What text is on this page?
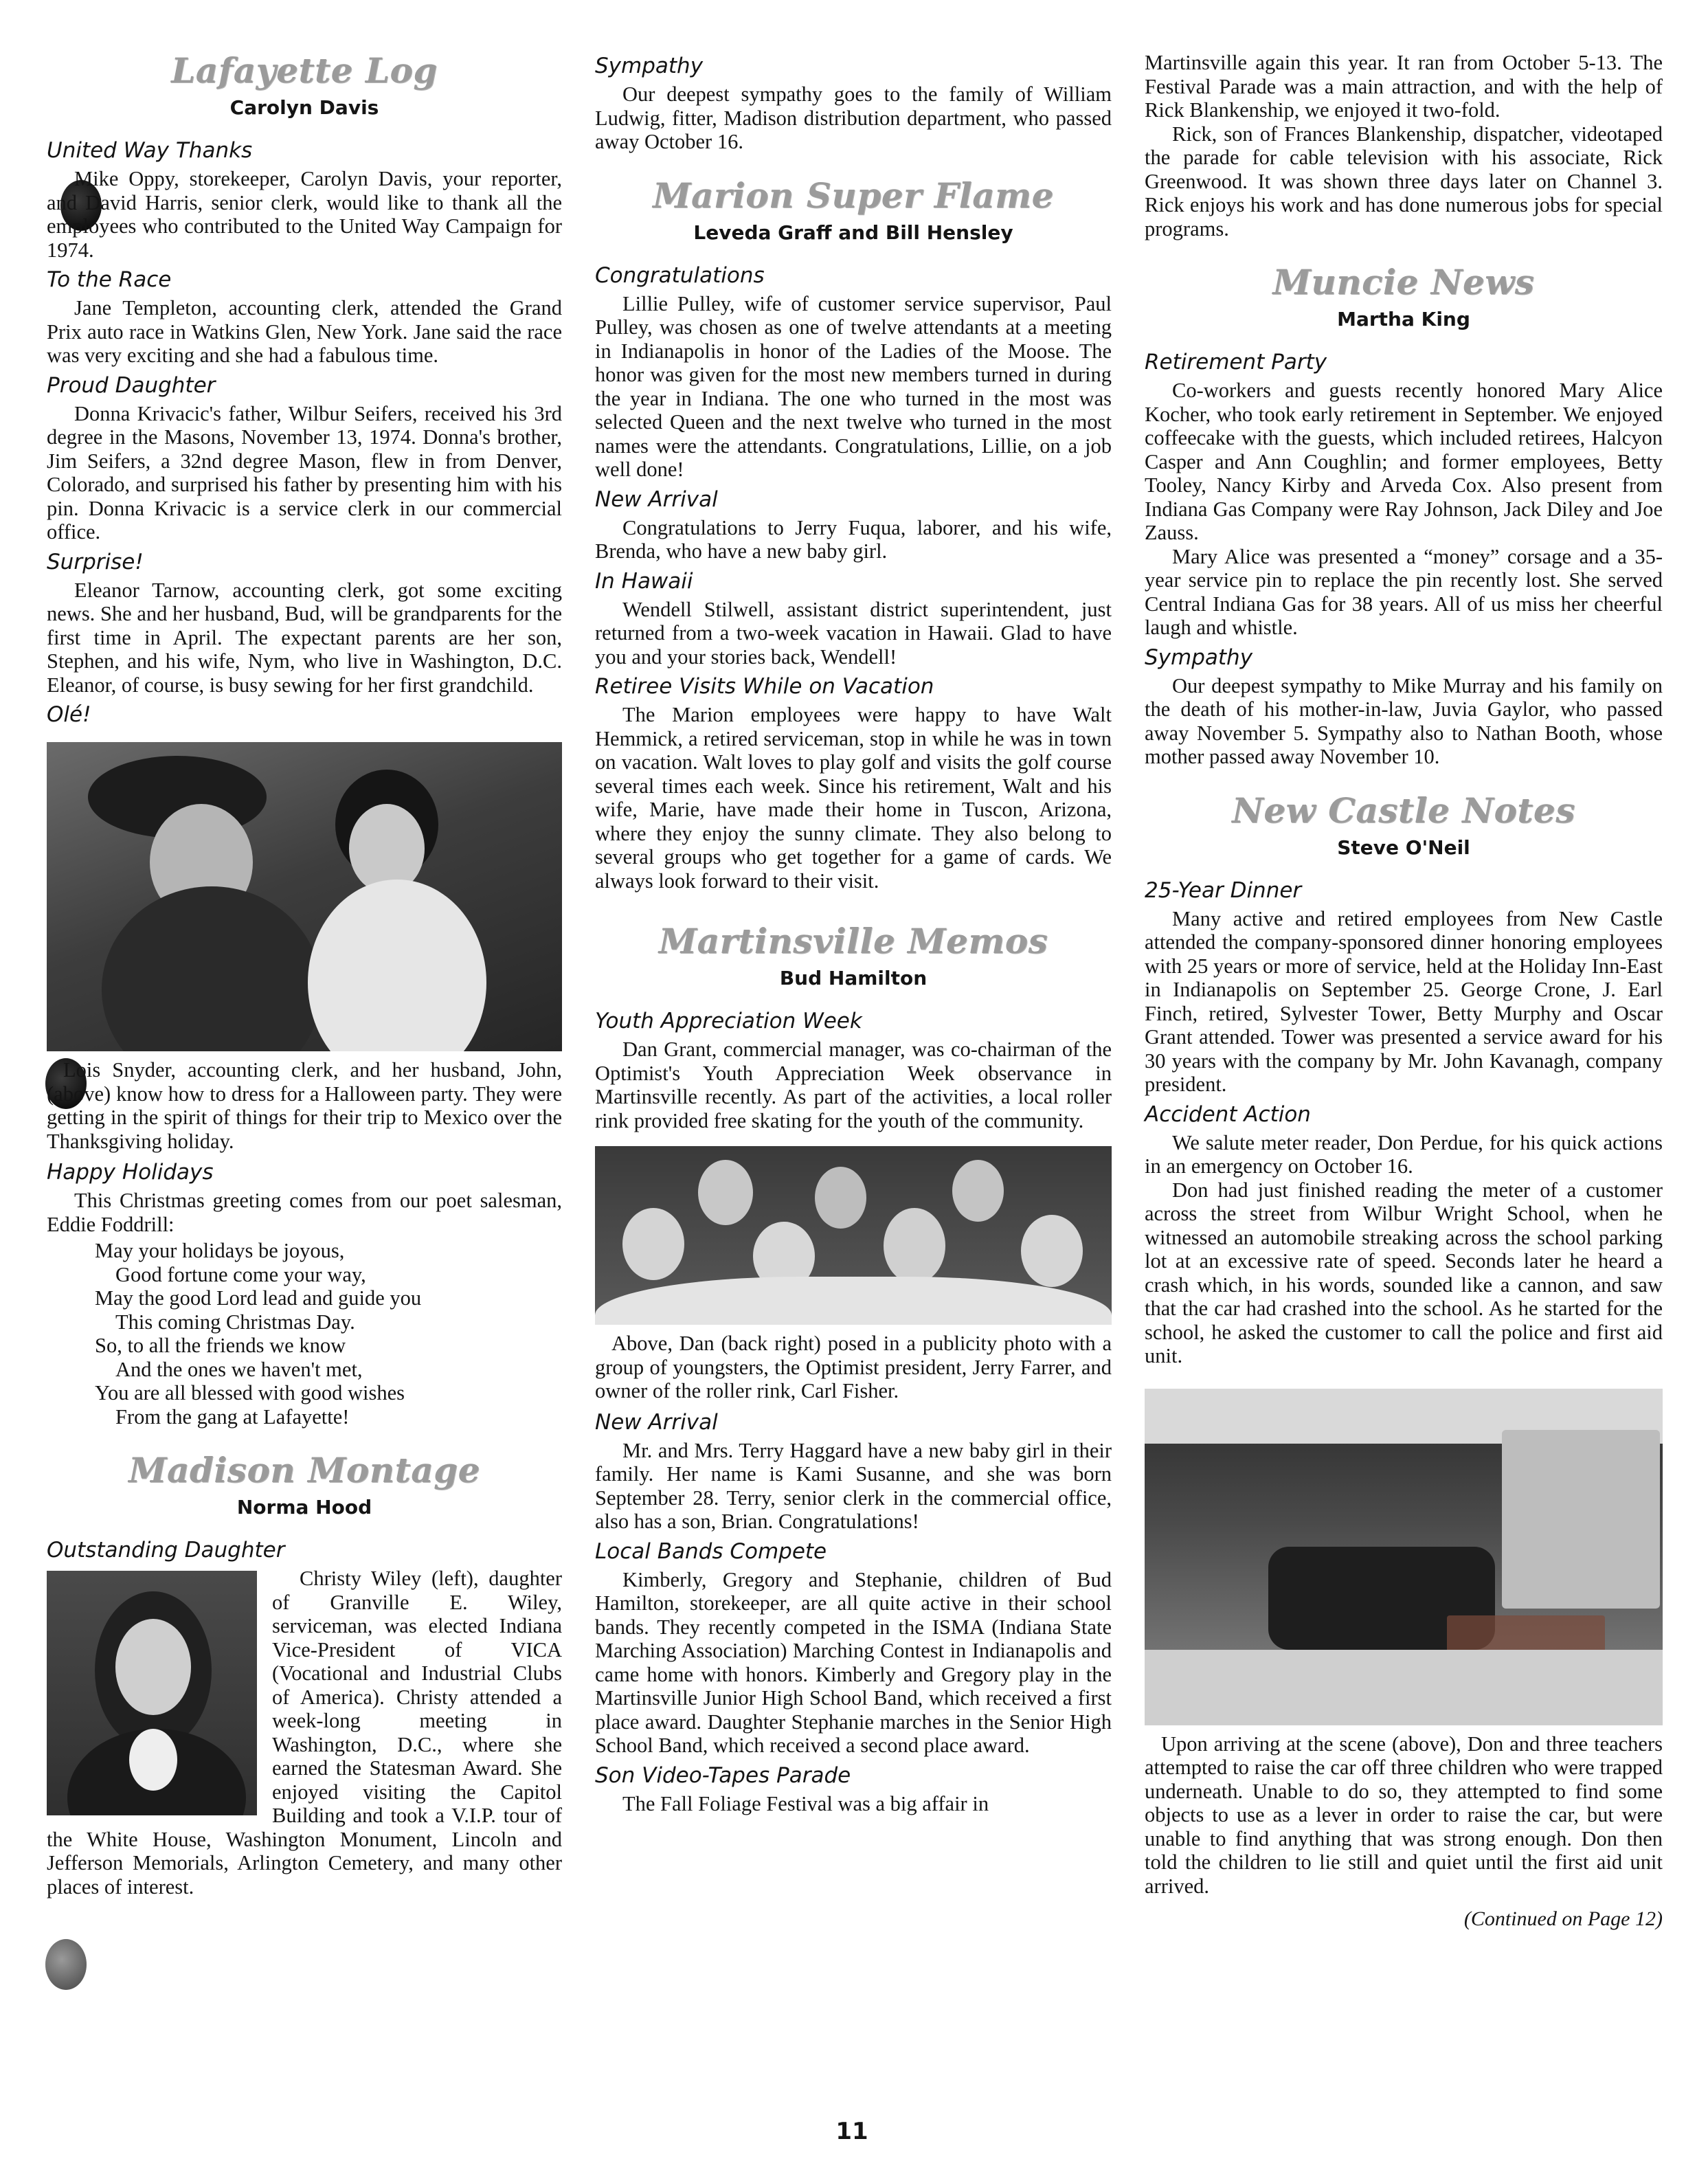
Lafayette Log
Carolyn Davis
United Way Thanks

Mike Oppy, storekeeper, Carolyn Davis, your reporter, and David Harris, senior clerk, would like to thank all the employees who contributed to the United Way Campaign for 1974.

To the Race

Jane Templeton, accounting clerk, attended the Grand Prix auto race in Watkins Glen, New York. Jane said the race was very exciting and she had a fabulous time.

Proud Daughter

Donna Krivacic's father, Wilbur Seifers, received his 3rd degree in the Masons, November 13, 1974. Donna's brother, Jim Seifers, a 32nd degree Mason, flew in from Denver, Colorado, and surprised his father by presenting him with his pin. Donna Krivacic is a service clerk in our commercial office.

Surprise!

Eleanor Tarnow, accounting clerk, got some exciting news. She and her husband, Bud, will be grandparents for the first time in April. The expectant parents are her son, Stephen, and his wife, Nym, who live in Washington, D.C. Eleanor, of course, is busy sewing for her first grandchild.

Olé!

Lois Snyder, accounting clerk, and her husband, John, (above) know how to dress for a Halloween party. They were getting in the spirit of things for their trip to Mexico over the Thanksgiving holiday.

Happy Holidays

This Christmas greeting comes from our poet salesman, Eddie Foddrill:

May your holidays be joyous,
Good fortune come your way,
May the good Lord lead and guide you
This coming Christmas Day.
So, to all the friends we know
And the ones we haven't met,
You are all blessed with good wishes
From the gang at Lafayette!
Madison Montage
Norma Hood
Outstanding Daughter

Christy Wiley (left), daughter of Granville E. Wiley, serviceman, was elected Indiana Vice-President of VICA (Vocational and Industrial Clubs of America). Christy attended a week-long meeting in Washington, D.C., where she earned the Statesman Award. She enjoyed visiting the Capitol Building and took a V.I.P. tour of the White House, Washington Monument, Lincoln and Jefferson Memorials, Arlington Cemetery, and many other places of interest.

Sympathy

Our deepest sympathy goes to the family of William Ludwig, fitter, Madison distribution department, who passed away October 16.

Marion Super Flame
Leveda Graff and Bill Hensley
Congratulations

Lillie Pulley, wife of customer service supervisor, Paul Pulley, was chosen as one of twelve attendants at a meeting in Indianapolis in honor of the Ladies of the Moose. The honor was given for the most new members turned in during the year in Indiana. The one who turned in the most was selected Queen and the next twelve who turned in the most names were the attendants. Congratulations, Lillie, on a job well done!

New Arrival

Congratulations to Jerry Fuqua, laborer, and his wife, Brenda, who have a new baby girl.

In Hawaii

Wendell Stilwell, assistant district superintendent, just returned from a two-week vacation in Hawaii. Glad to have you and your stories back, Wendell!

Retiree Visits While on Vacation

The Marion employees were happy to have Walt Hemmick, a retired serviceman, stop in while he was in town on vacation. Walt loves to play golf and visits the golf course several times each week. Since his retirement, Walt and his wife, Marie, have made their home in Tuscon, Arizona, where they enjoy the sunny climate. They also belong to several groups who get together for a game of cards. We always look forward to their visit.

Martinsville Memos
Bud Hamilton
Youth Appreciation Week

Dan Grant, commercial manager, was co-chairman of the Optimist's Youth Appreciation Week observance in Martinsville recently. As part of the activities, a local roller rink provided free skating for the youth of the community.

Above, Dan (back right) posed in a publicity photo with a group of youngsters, the Optimist president, Jerry Farrer, and owner of the roller rink, Carl Fisher.

New Arrival

Mr. and Mrs. Terry Haggard have a new baby girl in their family. Her name is Kami Susanne, and she was born September 28. Terry, senior clerk in the commercial office, also has a son, Brian. Congratulations!

Local Bands Compete

Kimberly, Gregory and Stephanie, children of Bud Hamilton, storekeeper, are all quite active in their school bands. They recently competed in the ISMA (Indiana State Marching Association) Marching Contest in Indianapolis and came home with honors. Kimberly and Gregory play in the Martinsville Junior High School Band, which received a first place award. Daughter Stephanie marches in the Senior High School Band, which received a second place award.

Son Video-Tapes Parade

The Fall Foliage Festival was a big affair in

Martinsville again this year. It ran from October 5-13. The Festival Parade was a main attraction, and with the help of Rick Blankenship, we enjoyed it two-fold.

Rick, son of Frances Blankenship, dispatcher, videotaped the parade for cable television with his associate, Rick Greenwood. It was shown three days later on Channel 3. Rick enjoys his work and has done numerous jobs for special programs.

Muncie News
Martha King
Retirement Party

Co-workers and guests recently honored Mary Alice Kocher, who took early retirement in September. We enjoyed coffeecake with the guests, which included retirees, Halcyon Casper and Ann Coughlin; and former employees, Betty Tooley, Nancy Kirby and Arveda Cox. Also present from Indiana Gas Company were Ray Johnson, Jack Diley and Joe Zauss.

Mary Alice was presented a “money” corsage and a 35-year service pin to replace the pin recently lost. She served Central Indiana Gas for 38 years. All of us miss her cheerful laugh and whistle.

Sympathy

Our deepest sympathy to Mike Murray and his family on the death of his mother-in-law, Juvia Gaylor, who passed away November 5. Sympathy also to Nathan Booth, whose mother passed away November 10.

New Castle Notes
Steve O'Neil
25-Year Dinner

Many active and retired employees from New Castle attended the company-sponsored dinner honoring employees with 25 years or more of service, held at the Holiday Inn-East in Indianapolis on September 25. George Crone, J. Earl Finch, retired, Sylvester Tower, Betty Murphy and Oscar Grant attended. Tower was presented a service award for his 30 years with the company by Mr. John Kavanagh, company president.

Accident Action

We salute meter reader, Don Perdue, for his quick actions in an emergency on October 16.

Don had just finished reading the meter of a customer across the street from Wilbur Wright School, when he witnessed an automobile streaking across the school parking lot at an excessive rate of speed. Seconds later he heard a crash which, in his words, sounded like a cannon, and saw that the car had crashed into the school. As he started for the school, he asked the customer to call the police and first aid unit.

Upon arriving at the scene (above), Don and three teachers attempted to raise the car off three children who were trapped underneath. Unable to do so, they attempted to find some objects to use as a lever in order to raise the car, but were unable to find anything that was strong enough. Don then told the children to lie still and quiet until the first aid unit arrived.

(Continued on Page 12)
11
